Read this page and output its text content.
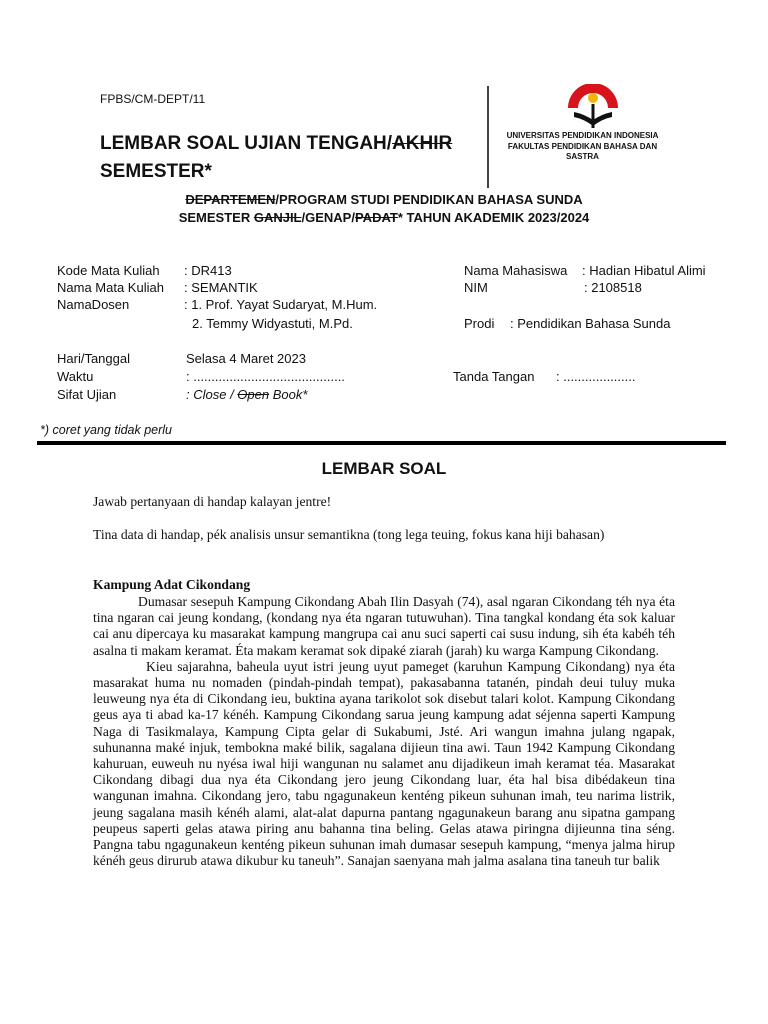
FPBS/CM-DEPT/11
LEMBAR SOAL UJIAN TENGAH/AKHIR
SEMESTER*
UNIVERSITAS PENDIDIKAN INDONESIA
FAKULTAS PENDIDIKAN BAHASA DAN SASTRA
DEPARTEMEN/PROGRAM STUDI PENDIDIKAN BAHASA SUNDA
SEMESTER GANJIL/GENAP/PADAT* TAHUN AKADEMIK 2023/2024
Kode Mata Kuliah : DR413
Nama Mata Kuliah : SEMANTIK
NamaDosen	: 1. Prof. Yayat Sudaryat, M.Hum.
2. Temmy Widyastuti, M.Pd.
Hari/Tanggal	Selasa 4 Maret 2023
Waktu	: ..........................................
Sifat Ujian	: Close / Open Book*
Nama Mahasiswa : Hadian Hibatul Alimi
NIM	: 2108518
Prodi : Pendidikan Bahasa Sunda
Tanda Tangan : ....................
*) coret yang tidak perlu
LEMBAR SOAL
Jawab pertanyaan di handap kalayan jentre!
Tina data di handap, pék analisis unsur semantikna (tong lega teuing, fokus kana hiji bahasan)
Kampung Adat Cikondang

Dumasar sesepuh Kampung Cikondang Abah Ilin Dasyah (74), asal ngaran Cikondang téh nya éta tina ngaran cai jeung kondang, (kondang nya éta ngaran tutuwuhan). Tina tangkal kondang éta sok kaluar cai anu dipercaya ku masarakat kampung mangrupa cai anu suci saperti cai susu indung, sih éta kabéh téh asalna ti makam keramat. Éta makam keramat sok dipaké ziarah (jarah) ku warga Kampung Cikondang.

Kieu sajarahna, baheula uyut istri jeung uyut pameget (karuhun Kampung Cikondang) nya éta masarakat huma nu nomaden (pindah-pindah tempat), pakasabanna tatanén, pindah deui tuluy muka leuweung nya éta di Cikondang ieu, buktina ayana tarikolot sok disebut talari kolot. Kampung Cikondang geus aya ti abad ka-17 kénéh. Kampung Cikondang sarua jeung kampung adat séjenna saperti Kampung Naga di Tasikmalaya, Kampung Cipta gelar di Sukabumi, Jsté. Ari wangun imahna julang ngapak, suhunanna maké injuk, tembokna maké bilik, sagalana dijieun tina awi. Taun 1942 Kampung Cikondang kahuruan, euweuh nu nyésa iwal hiji wangunan nu salamet anu dijadikeun imah keramat téa. Masarakat Cikondang dibagi dua nya éta Cikondang jero jeung Cikondang luar, éta hal bisa dibédakeun tina wangunan imahna. Cikondang jero, tabu ngagunakeun kenténg pikeun suhunan imah, teu narima listrik, jeung sagalana masih kénéh alami, alat-alat dapurna pantang ngagunakeun barang anu sipatna gampang peupeus saperti gelas atawa piring anu bahanna tina beling. Gelas atawa piringna dijieunna tina séng. Pangna tabu ngagunakeun kenténg pikeun suhunan imah dumasar sesepuh kampung, “menya jalma hirup kénéh geus dirurub atawa dikubur ku taneuh”. Sanajan saenyana mah jalma asalana tina taneuh tur balik
